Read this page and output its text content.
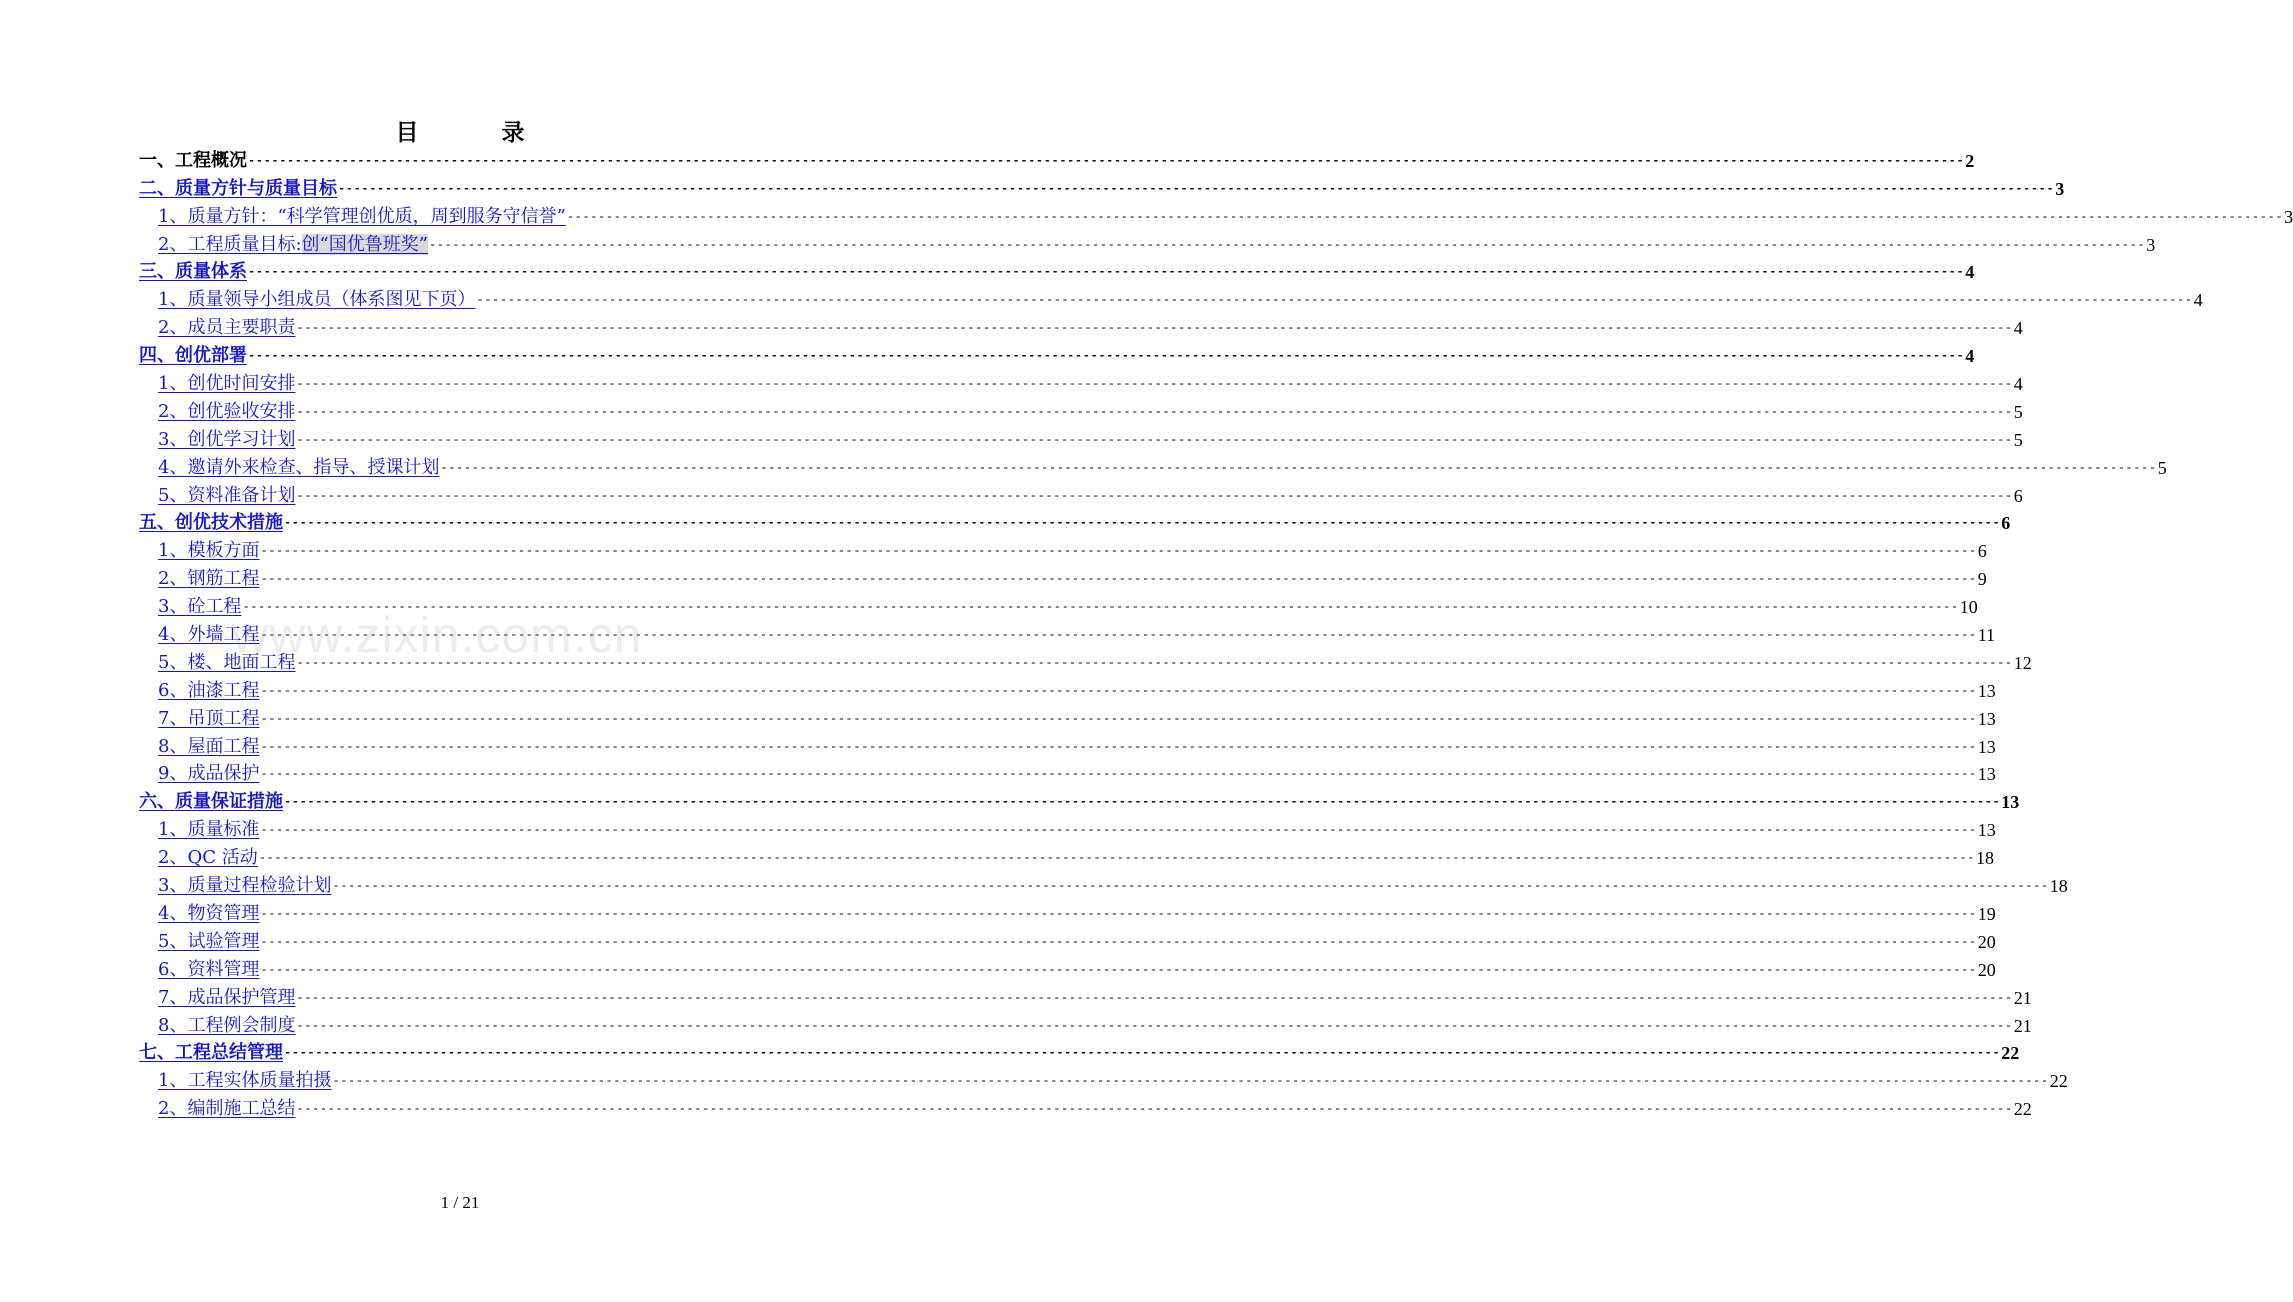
目　录
一、工程概况 ---------------------------------------------------------------------------------------------------------------------------------------------------------------------------------------------------------------------------- 2
二、质量方针与质量目标 ---------------------------------------------------------------------------------------------------------------------------------------------------------------------------------------------------------------------------- 3
1、质量方针：“科学管理创优质，周到服务守信誉” ---------------------------------------------------------------------------------------------------------------------------------------------------------------------------------------------------------------------------- 3
2、工程质量目标:创“国优鲁班奖” ---------------------------------------------------------------------------------------------------------------------------------------------------------------------------------------------------------------------------- 3
三、质量体系 ---------------------------------------------------------------------------------------------------------------------------------------------------------------------------------------------------------------------------- 4
1、质量领导小组成员（体系图见下页） ---------------------------------------------------------------------------------------------------------------------------------------------------------------------------------------------------------------------------- 4
2、成员主要职责 ---------------------------------------------------------------------------------------------------------------------------------------------------------------------------------------------------------------------------- 4
四、创优部署 ---------------------------------------------------------------------------------------------------------------------------------------------------------------------------------------------------------------------------- 4
1、创优时间安排 ---------------------------------------------------------------------------------------------------------------------------------------------------------------------------------------------------------------------------- 4
2、创优验收安排 ---------------------------------------------------------------------------------------------------------------------------------------------------------------------------------------------------------------------------- 5
3、创优学习计划 ---------------------------------------------------------------------------------------------------------------------------------------------------------------------------------------------------------------------------- 5
4、邀请外来检查、指导、授课计划 ---------------------------------------------------------------------------------------------------------------------------------------------------------------------------------------------------------------------------- 5
5、资料准备计划 ---------------------------------------------------------------------------------------------------------------------------------------------------------------------------------------------------------------------------- 6
五、创优技术措施 ---------------------------------------------------------------------------------------------------------------------------------------------------------------------------------------------------------------------------- 6
1、模板方面 ---------------------------------------------------------------------------------------------------------------------------------------------------------------------------------------------------------------------------- 6
2、钢筋工程 ---------------------------------------------------------------------------------------------------------------------------------------------------------------------------------------------------------------------------- 9
3、砼工程 ---------------------------------------------------------------------------------------------------------------------------------------------------------------------------------------------------------------------------- 10
4、外墙工程 ---------------------------------------------------------------------------------------------------------------------------------------------------------------------------------------------------------------------------- 11
5、楼、地面工程 ---------------------------------------------------------------------------------------------------------------------------------------------------------------------------------------------------------------------------- 12
6、油漆工程 ---------------------------------------------------------------------------------------------------------------------------------------------------------------------------------------------------------------------------- 13
7、吊顶工程 ---------------------------------------------------------------------------------------------------------------------------------------------------------------------------------------------------------------------------- 13
8、屋面工程 ---------------------------------------------------------------------------------------------------------------------------------------------------------------------------------------------------------------------------- 13
9、成品保护 ---------------------------------------------------------------------------------------------------------------------------------------------------------------------------------------------------------------------------- 13
六、质量保证措施 ---------------------------------------------------------------------------------------------------------------------------------------------------------------------------------------------------------------------------- 13
1、质量标准 ---------------------------------------------------------------------------------------------------------------------------------------------------------------------------------------------------------------------------- 13
2、QC 活动 ---------------------------------------------------------------------------------------------------------------------------------------------------------------------------------------------------------------------------- 18
3、质量过程检验计划 ---------------------------------------------------------------------------------------------------------------------------------------------------------------------------------------------------------------------------- 18
4、物资管理 ---------------------------------------------------------------------------------------------------------------------------------------------------------------------------------------------------------------------------- 19
5、试验管理 ---------------------------------------------------------------------------------------------------------------------------------------------------------------------------------------------------------------------------- 20
6、资料管理 ---------------------------------------------------------------------------------------------------------------------------------------------------------------------------------------------------------------------------- 20
7、成品保护管理 ---------------------------------------------------------------------------------------------------------------------------------------------------------------------------------------------------------------------------- 21
8、工程例会制度 ---------------------------------------------------------------------------------------------------------------------------------------------------------------------------------------------------------------------------- 21
七、工程总结管理 ---------------------------------------------------------------------------------------------------------------------------------------------------------------------------------------------------------------------------- 22
1、工程实体质量拍摄 ---------------------------------------------------------------------------------------------------------------------------------------------------------------------------------------------------------------------------- 22
2、编制施工总结 ---------------------------------------------------------------------------------------------------------------------------------------------------------------------------------------------------------------------------- 22
www.zixin.com.cn
1 / 21
